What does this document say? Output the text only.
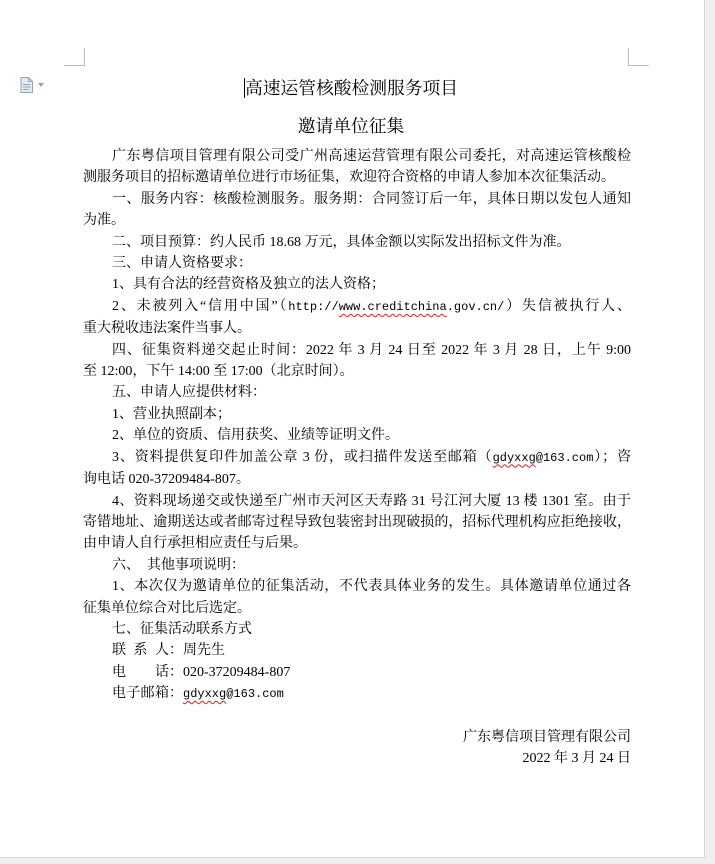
高速运管核酸检测服务项目
邀请单位征集
广东粤信项目管理有限公司受广州高速运营管理有限公司委托，对高速运管核酸检
测服务项目的招标邀请单位进行市场征集，欢迎符合资格的申请人参加本次征集活动。
一、服务内容：核酸检测服务。服务期：合同签订后一年，具体日期以发包人通知
为准。
二、项目预算：约人民币 18.68 万元，具体金额以实际发出招标文件为准。
三、申请人资格要求：
1、具有合法的经营资格及独立的法人资格；
2、未被列入“信用中国”（http://www.creditchina.gov.cn/）失信被执行人、
重大税收违法案件当事人。
四、征集资料递交起止时间：2022 年 3 月 24 日至 2022 年 3 月 28 日，上午 9:00
至 12:00，下午 14:00 至 17:00（北京时间）。
五、申请人应提供材料：
1、营业执照副本；
2、单位的资质、信用获奖、业绩等证明文件。
3、资料提供复印件加盖公章 3 份，或扫描件发送至邮箱（gdyxxg@163.com）；咨
询电话 020-37209484-807。
4、资料现场递交或快递至广州市天河区天寿路 31 号江河大厦 13 楼 1301 室。由于
寄错地址、逾期送达或者邮寄过程导致包装密封出现破损的，招标代理机构应拒绝接收，
由申请人自行承担相应责任与后果。
六、  其他事项说明：
1、本次仅为邀请单位的征集活动，不代表具体业务的发生。具体邀请单位通过各
征集单位综合对比后选定。
七、征集活动联系方式
联 系 人：周先生
电 话：020-37209484-807
电子邮箱：gdyxxg@163.com
广东粤信项目管理有限公司
2022 年 3 月 24 日
